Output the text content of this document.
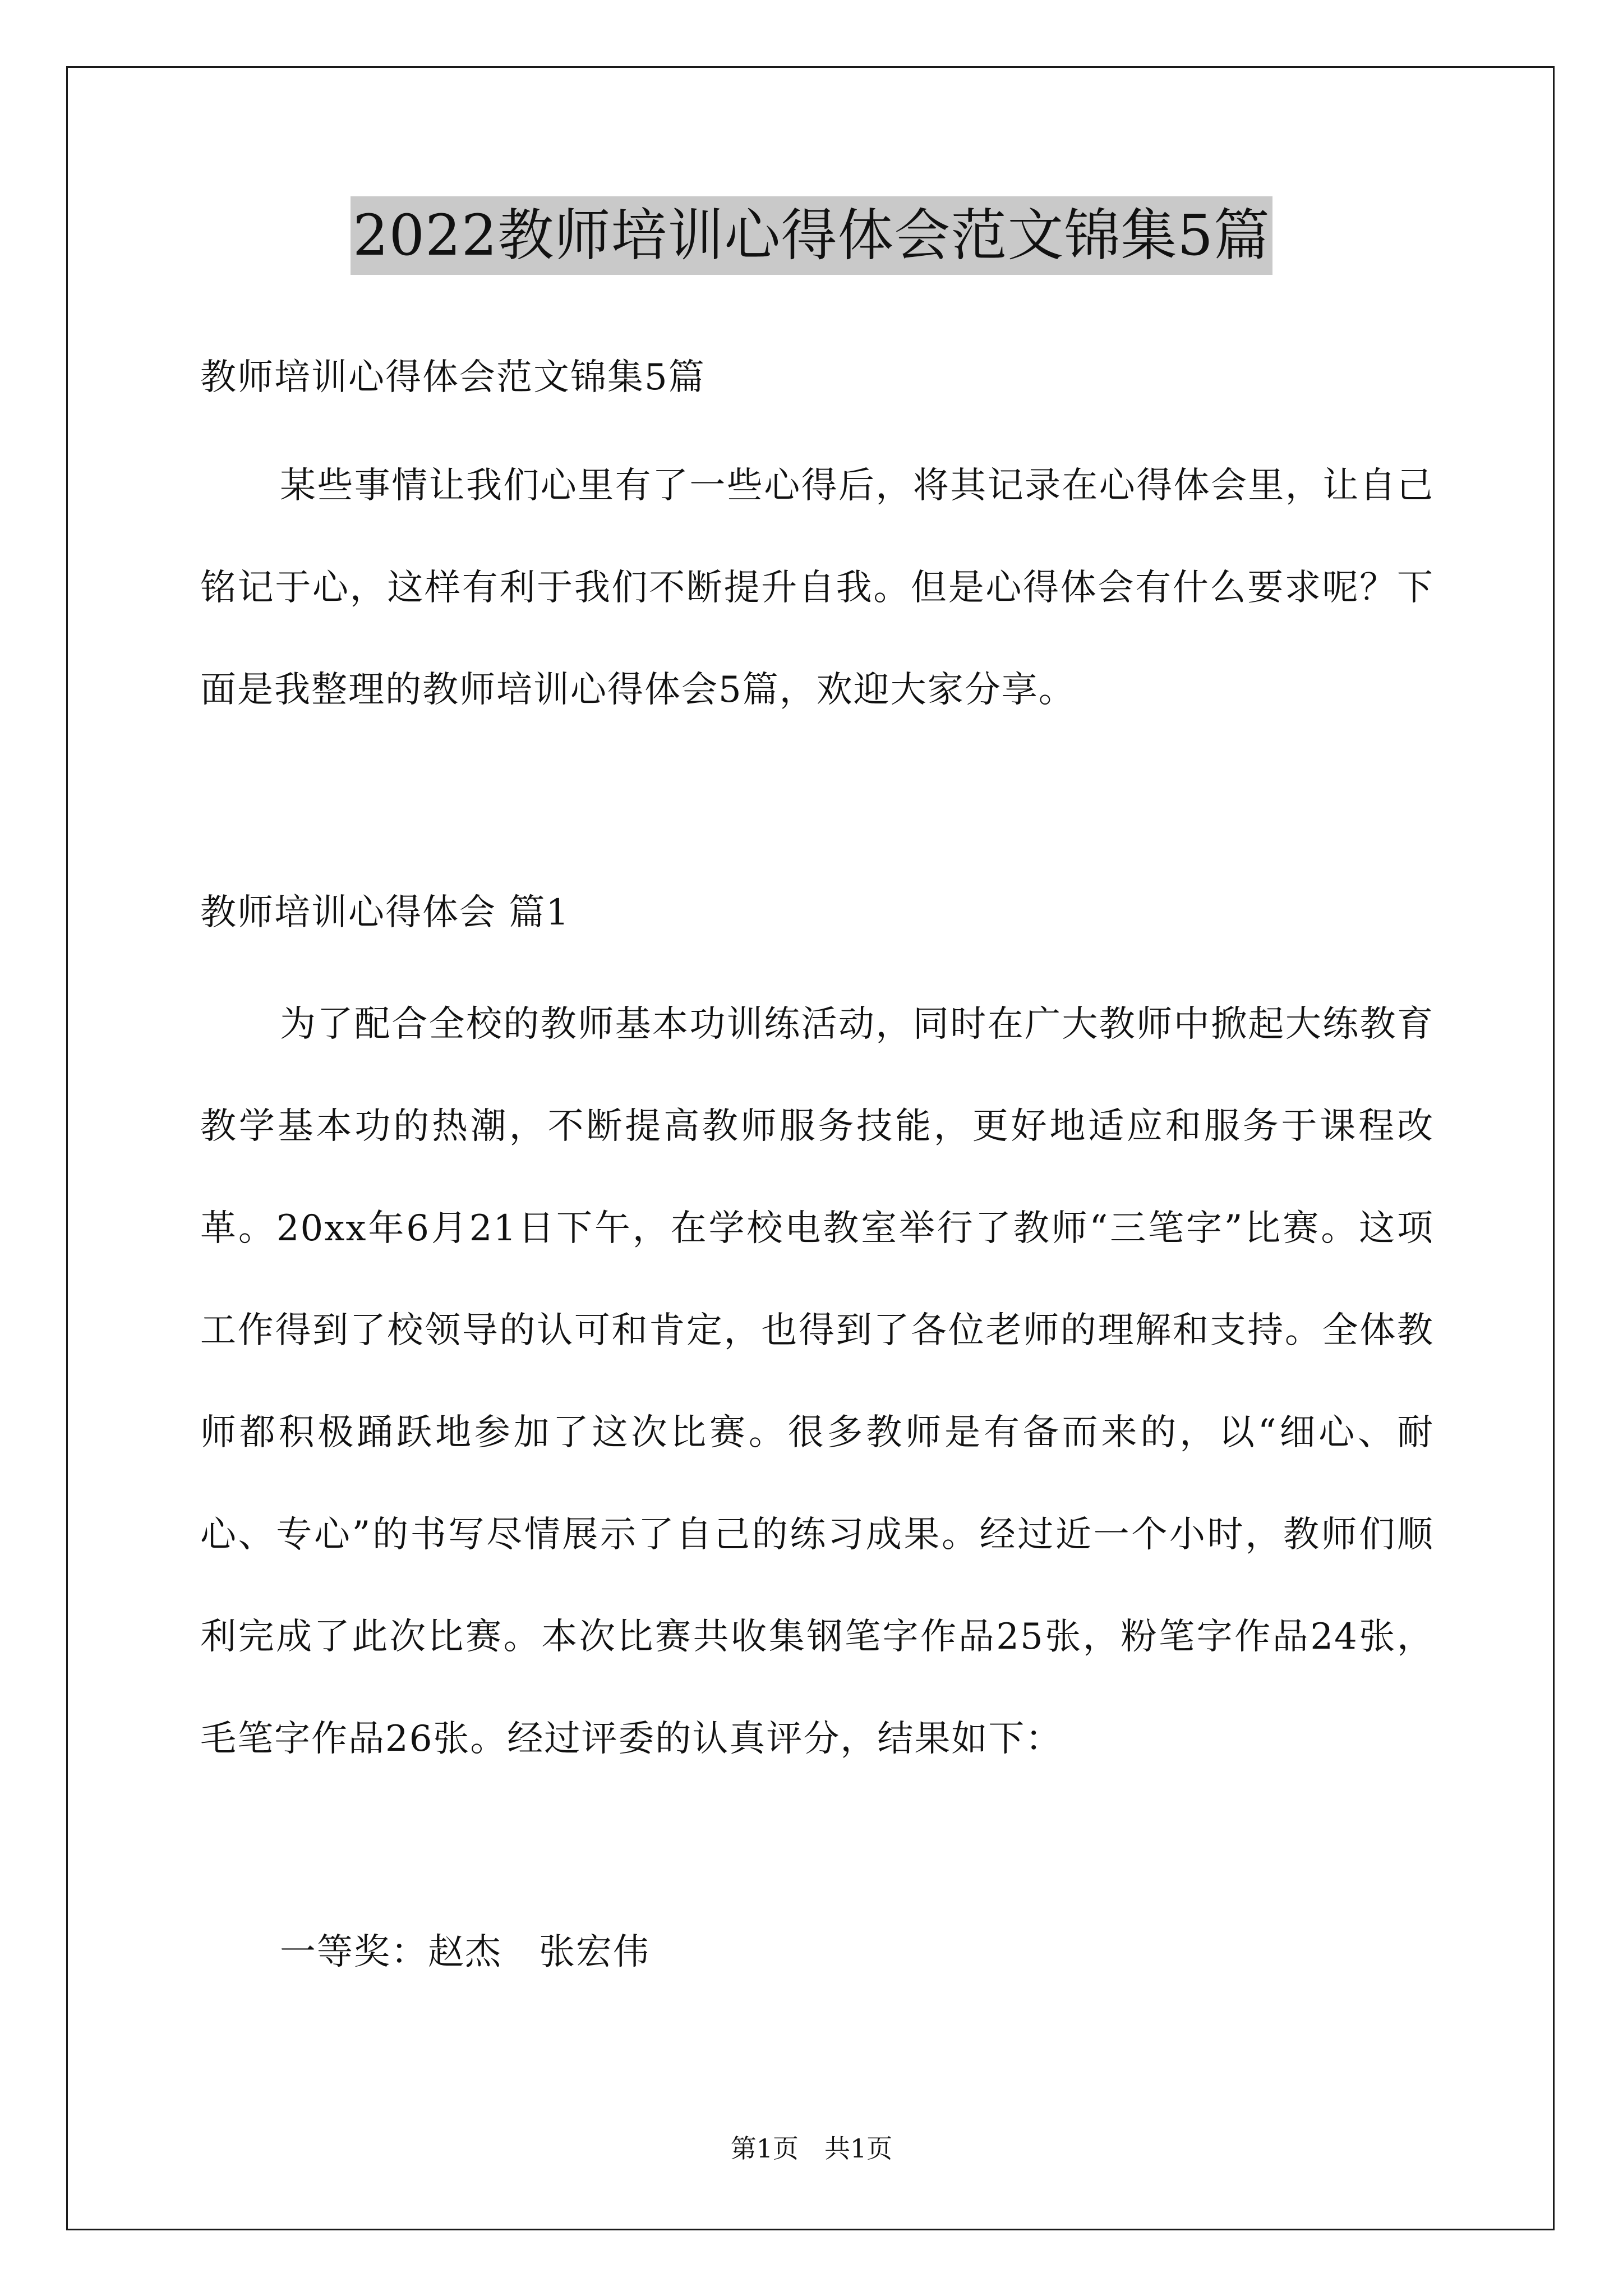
2022教师培训心得体会范文锦集5篇

教师培训心得体会范文锦集5篇

某些事情让我们心里有了一些心得后，将其记录在心得体会里，让自己铭记于心，这样有利于我们不断提升自我。但是心得体会有什么要求呢？下面是我整理的教师培训心得体会5篇，欢迎大家分享。

教师培训心得体会 篇1

为了配合全校的教师基本功训练活动，同时在广大教师中掀起大练教育教学基本功的热潮，不断提高教师服务技能，更好地适应和服务于课程改革。20xx年6月21日下午，在学校电教室举行了教师“三笔字”比赛。这项工作得到了校领导的认可和肯定，也得到了各位老师的理解和支持。全体教师都积极踊跃地参加了这次比赛。很多教师是有备而来的，以“细心、耐心、专心”的书写尽情展示了自己的练习成果。经过近一个小时，教师们顺利完成了此次比赛。本次比赛共收集钢笔字作品25张，粉笔字作品24张，毛笔字作品26张。经过评委的认真评分，结果如下：

一等奖：赵杰　张宏伟

第1页　共1页
